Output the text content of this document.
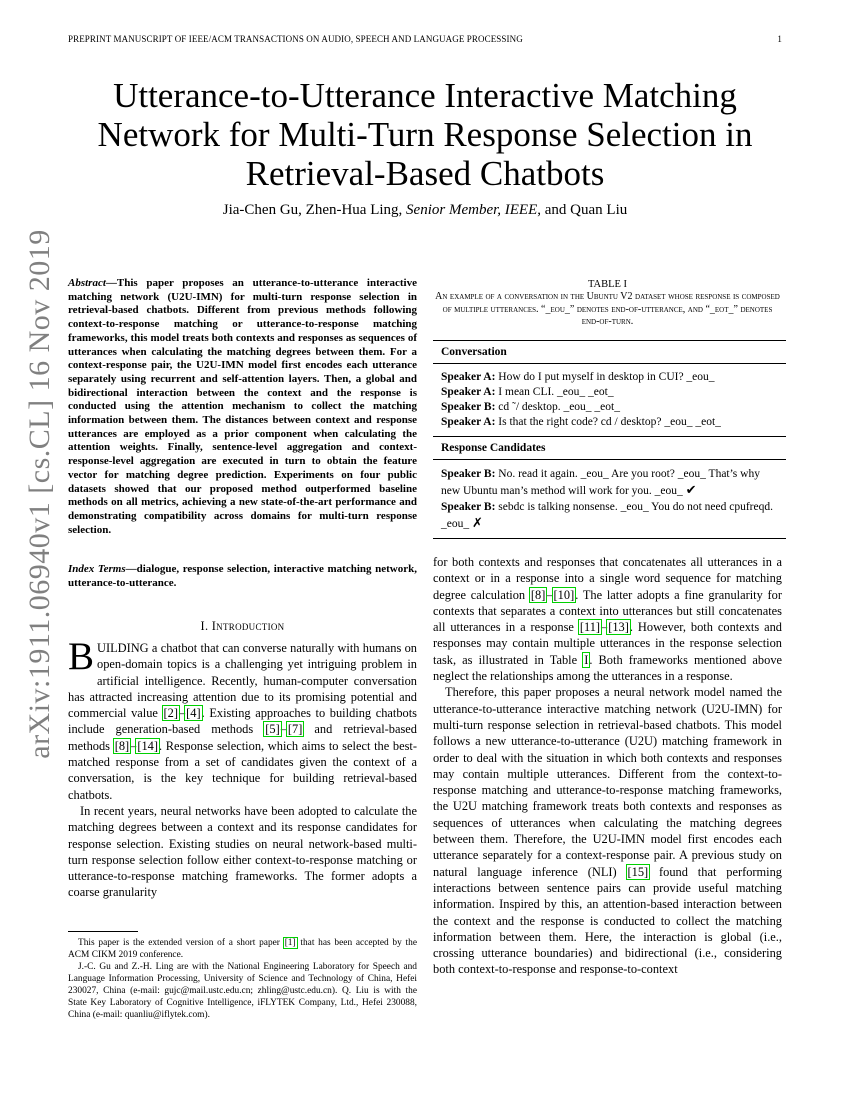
PREPRINT MANUSCRIPT OF IEEE/ACM TRANSACTIONS ON AUDIO, SPEECH AND LANGUAGE PROCESSING	1
arXiv:1911.06940v1 [cs.CL] 16 Nov 2019
Utterance-to-Utterance Interactive Matching
Network for Multi-Turn Response Selection in
Retrieval-Based Chatbots
Jia-Chen Gu, Zhen-Hua Ling, Senior Member, IEEE, and Quan Liu
Abstract—This paper proposes an utterance-to-utterance interactive matching network (U2U-IMN) for multi-turn response selection in retrieval-based chatbots. Different from previous methods following context-to-response matching or utterance-to-response matching frameworks, this model treats both contexts and responses as sequences of utterances when calculating the matching degrees between them. For a context-response pair, the U2U-IMN model first encodes each utterance separately using recurrent and self-attention layers. Then, a global and bidirectional interaction between the context and the response is conducted using the attention mechanism to collect the matching information between them. The distances between context and response utterances are employed as a prior component when calculating the attention weights. Finally, sentence-level aggregation and context-response-level aggregation are executed in turn to obtain the feature vector for matching degree prediction. Experiments on four public datasets showed that our proposed method outperformed baseline methods on all metrics, achieving a new state-of-the-art performance and demonstrating compatibility across domains for multi-turn response selection.
Index Terms—dialogue, response selection, interactive matching network, utterance-to-utterance.
I. Introduction

BUILDING a chatbot that can converse naturally with humans on open-domain topics is a challenging yet intriguing problem in artificial intelligence. Recently, human-computer conversation has attracted increasing attention due to its promising potential and commercial value [2]–[4]. Existing approaches to building chatbots include generation-based methods [5]–[7] and retrieval-based methods [8]–[14]. Response selection, which aims to select the best-matched response from a set of candidates given the context of a conversation, is the key technique for building retrieval-based chatbots.

In recent years, neural networks have been adopted to calculate the matching degrees between a context and its response candidates for response selection. Existing studies on neural network-based multi-turn response selection follow either context-to-response matching or utterance-to-response matching frameworks. The former adopts a coarse granularity

This paper is the extended version of a short paper [1] that has been accepted by the ACM CIKM 2019 conference.

J.-C. Gu and Z.-H. Ling are with the National Engineering Laboratory for Speech and Language Information Processing, University of Science and Technology of China, Hefei 230027, China (e-mail: gujc@mail.ustc.edu.cn; zhling@ustc.edu.cn). Q. Liu is with the State Key Laboratory of Cognitive Intelligence, iFLYTEK Company, Ltd., Hefei 230088, China (e-mail: quanliu@iflytek.com).

TABLE I
An example of a conversation in the Ubuntu V2 dataset whose response is composed of multiple utterances. “_eou_” denotes end-of-utterance, and “_eot_” denotes end-of-turn.
Conversation
Speaker A: How do I put myself in desktop in CUI? _eou_
Speaker A: I mean CLI. _eou_ _eot_
Speaker B: cd ˜/ desktop. _eou_ _eot_
Speaker A: Is that the right code? cd / desktop? _eou_ _eot_
Response Candidates
Speaker B: No. read it again. _eou_ Are you root? _eou_ That’s why new Ubuntu man’s method will work for you. _eou_ ✔
Speaker B: sebdc is talking nonsense. _eou_ You do not need cpufreqd. _eou_ ✗

for both contexts and responses that concatenates all utterances in a context or in a response into a single word sequence for matching degree calculation [8]–[10]. The latter adopts a fine granularity for contexts that separates a context into utterances but still concatenates all utterances in a response [11]–[13]. However, both contexts and responses may contain multiple utterances in the response selection task, as illustrated in Table I. Both frameworks mentioned above neglect the relationships among the utterances in a response.

Therefore, this paper proposes a neural network model named the utterance-to-utterance interactive matching network (U2U-IMN) for multi-turn response selection in retrieval-based chatbots. This model follows a new utterance-to-utterance (U2U) matching framework in order to deal with the situation in which both contexts and responses may contain multiple utterances. Different from the context-to-response matching and utterance-to-response matching frameworks, the U2U matching framework treats both contexts and responses as sequences of utterances when calculating the matching degrees between them. Therefore, the U2U-IMN model first encodes each utterance separately for a context-response pair. A previous study on natural language inference (NLI) [15] found that performing interactions between sentence pairs can provide useful matching information. Inspired by this, an attention-based interaction between the context and the response is conducted to collect the matching information between them. Here, the interaction is global (i.e., crossing utterance boundaries) and bidirectional (i.e., considering both context-to-response and response-to-context
